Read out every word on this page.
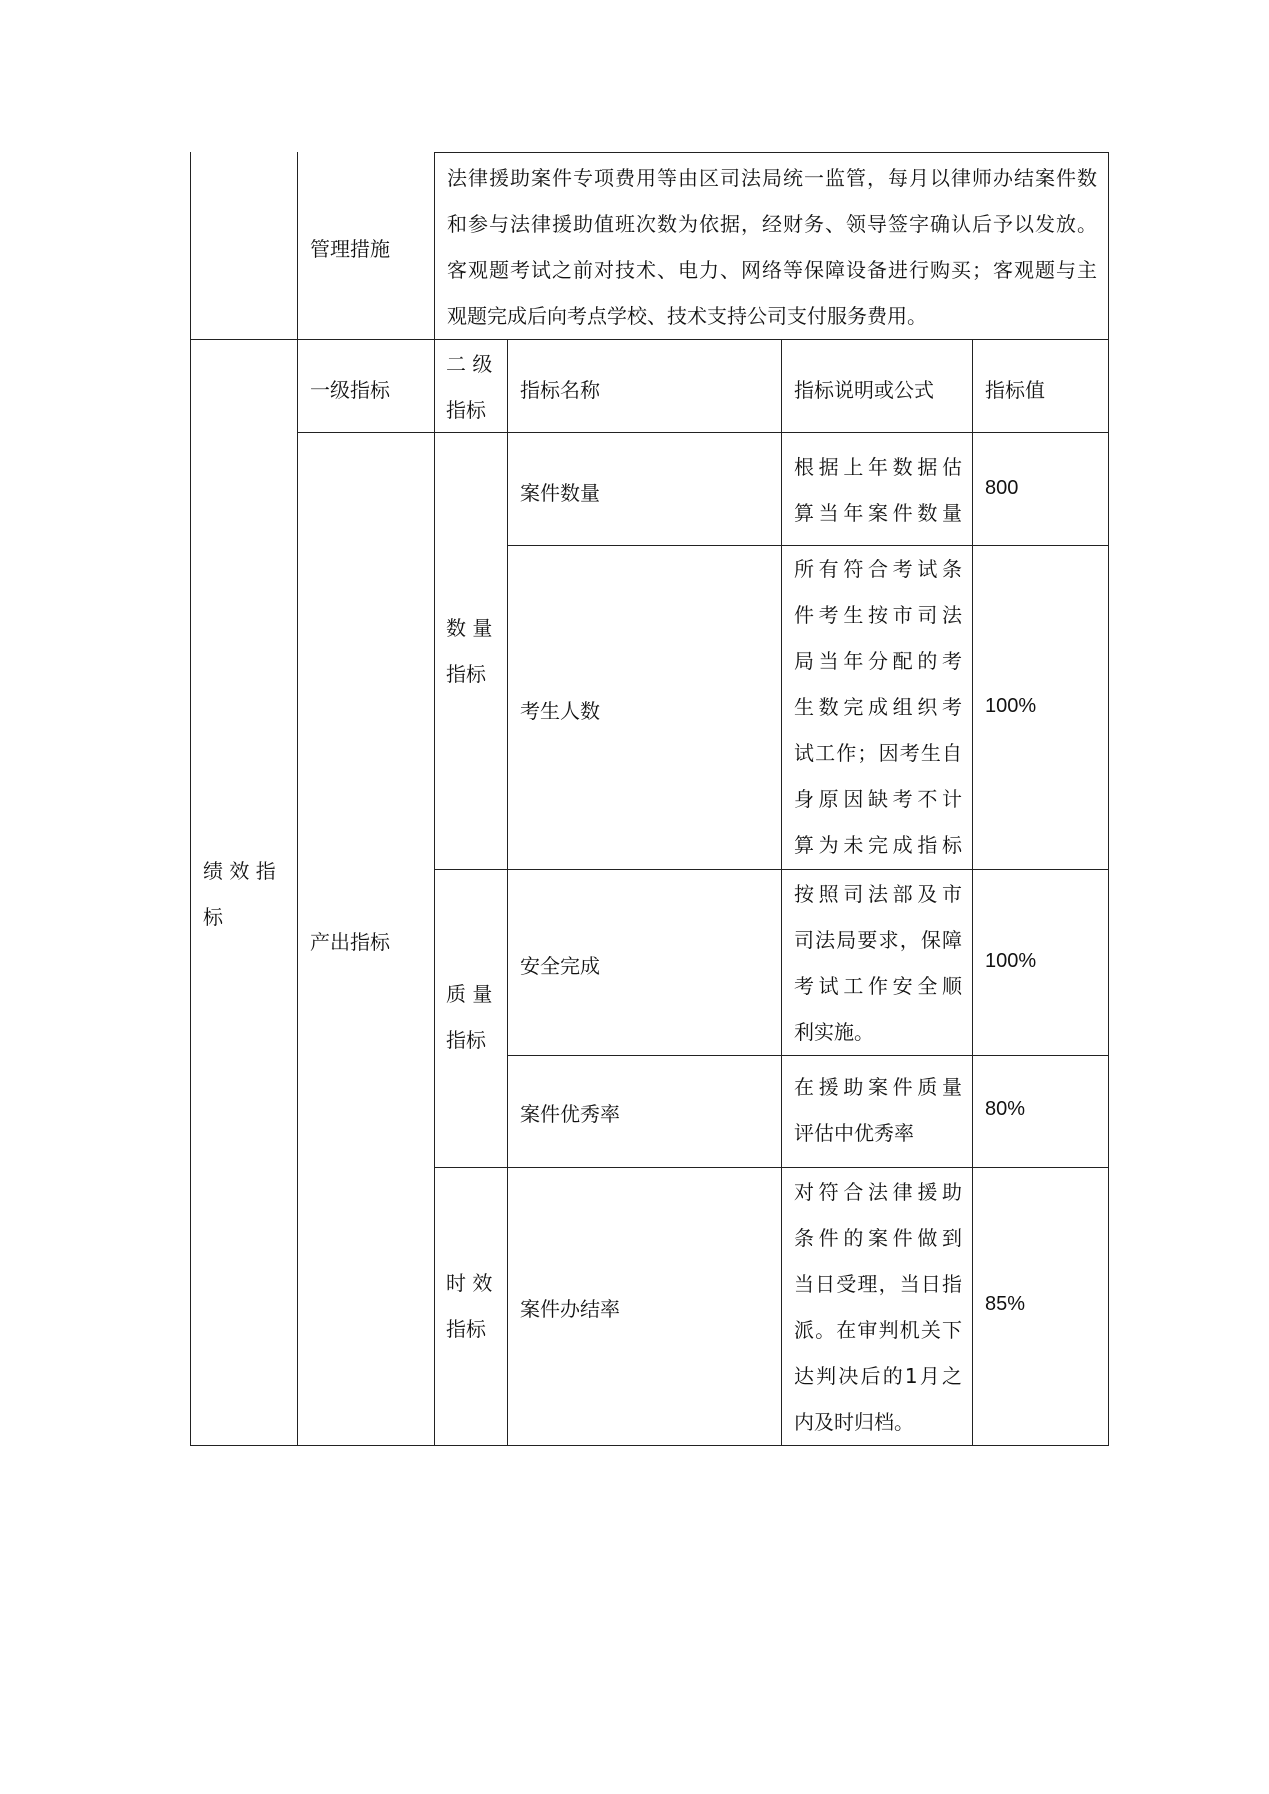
管理措施
法律援助案件专项费用等由区司法局统一监管，每月以律师办结案件数
和参与法律援助值班次数为依据，经财务、领导签字确认后予以发放。
客观题考试之前对技术、电力、网络等保障设备进行购买；客观题与主
观题完成后向考点学校、技术支持公司支付服务费用。
绩 效 指
标
一级指标
二 级
指标
指标名称	指标说明或公式	指标值
产出指标
数 量
指标
质 量
指标
时 效
指标
案件数量
根据上年数据估
算当年案件数量
800
考生人数
所有符合考试条
件考生按市司法
局当年分配的考
生数完成组织考
试工作；因考生自
身原因缺考不计
算为未完成指标
100%
安全完成
按照司法部及市
司法局要求，保障
考试工作安全顺
利实施。
100%
案件优秀率
在援助案件质量
评估中优秀率
80%
案件办结率
对符合法律援助
条件的案件做到
当日受理，当日指
派。在审判机关下
达判决后的1月之
内及时归档。
85%
